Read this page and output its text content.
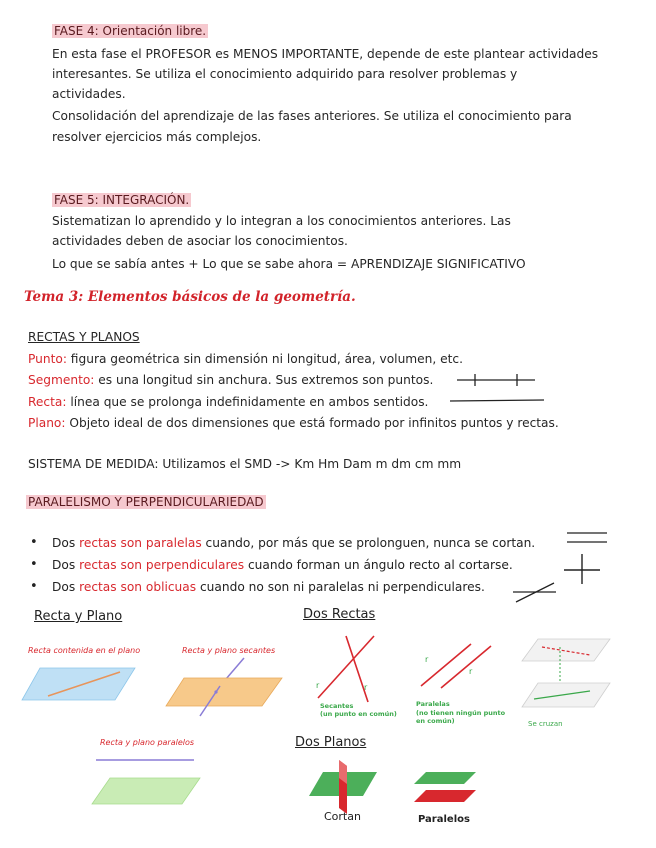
FASE 4: Orientación libre.
En esta fase el PROFESOR es MENOS IMPORTANTE, depende de este plantear actividades
interesantes. Se utiliza el conocimiento adquirido para resolver problemas y
actividades.
Consolidación del aprendizaje de las fases anteriores. Se utiliza el conocimiento para
resolver ejercicios más complejos.
FASE 5: INTEGRACIÓN.
Sistematizan lo aprendido y lo integran a los conocimientos anteriores. Las
actividades deben de asociar los conocimientos.
Lo que se sabía antes + Lo que se sabe ahora = APRENDIZAJE SIGNIFICATIVO
Tema 3: Elementos básicos de la geometría.
RECTAS Y PLANOS
Punto: figura geométrica sin dimensión ni longitud, área, volumen, etc.
Segmento: es una longitud sin anchura. Sus extremos son puntos.
Recta: línea que se prolonga indefinidamente en ambos sentidos.
Plano: Objeto ideal de dos dimensiones que está formado por infinitos puntos y rectas.
SISTEMA DE MEDIDA: Utilizamos el SMD -> Km Hm Dam m dm cm mm
PARALELISMO Y PERPENDICULARIEDAD
• Dos rectas son paralelas cuando, por más que se prolonguen, nunca se cortan.
• Dos rectas son perpendiculares cuando forman un ángulo recto al cortarse.
• Dos rectas son oblicuas cuando no son ni paralelas ni perpendiculares.
Recta y Plano	Dos Rectas
Dos Planos
Recta contenida en el plano	Recta y plano secantes
Recta y plano paralelos
r	r
Secantes
(un punto en común)
r
r
Paralelas
(no tienen ningún punto
en común)	Se cruzan
Cortan	Paralelos
